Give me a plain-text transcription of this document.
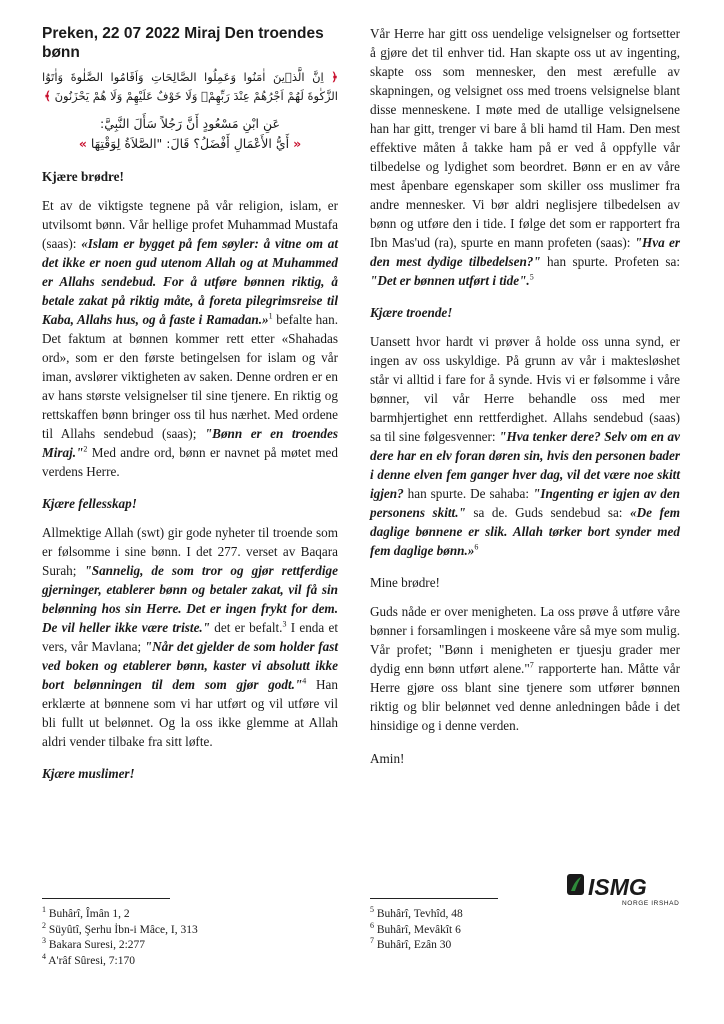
Preken, 22 07 2022 Miraj Den troendes bønn
﴿ اِنَّ الَّذ۪ينَ اٰمَنُوا وَعَمِلُوا الصَّالِحَاتِ وَاَقَامُوا الصَّلٰوةَ وَاٰتَوُا الزَّكٰوةَ لَهُمْ اَجْرُهُمْ عِنْدَ رَبِّهِمْۚ وَلَا خَوْفٌ عَلَيْهِمْ وَلَا هُمْ يَحْزَنُونَ ﴾
عَنِ ابْنِ مَسْعُودٍ أَنَّ رَجُلاً سَأَلَ النَّبِيَّ:
« أَيُّ الأَعْمَالِ أَفْضَلُ؟ قَالَ: "الصَّلاَةُ لِوَقْتِهَا »
Kjære brødre!

Et av de viktigste tegnene på vår religion, islam, er utvilsomt bønn. Vår hellige profet Muhammad Mustafa (saas): «Islam er bygget på fem søyler: å vitne om at det ikke er noen gud utenom Allah og at Muhammed er Allahs sendebud. For å utføre bønnen riktig, å betale zakat på riktig måte, å foreta pilegrimsreise til Kaba, Allahs hus, og å faste i Ramadan.»$^1$ befalte han. Det faktum at bønnen kommer rett etter «Shahadas ord», som er den første betingelsen for islam og vår iman, avslører viktigheten av saken. Denne ordren er en av hans største velsignelser til sine tjenere. En riktig og rettskaffen bønn bringer oss til hus nærhet. Med ordene til Allahs sendebud (saas); "Bønn er en troendes Miraj."$^2$ Med andre ord, bønn er navnet på møtet med verdens Herre.

Kjære fellesskap!

Allmektige Allah (swt) gir gode nyheter til troende som er følsomme i sine bønn. I det 277. verset av Baqara Surah; "Sannelig, de som tror og gjør rettferdige gjerninger, etablerer bønn og betaler zakat, vil få sin belønning hos sin Herre. Det er ingen frykt for dem. De vil heller ikke være triste." det er befalt.$^3$ I enda et vers, vår Mavlana; "Når det gjelder de som holder fast ved boken og etablerer bønn, kaster vi absolutt ikke bort belønningen til dem som gjør godt."$^4$ Han erklærte at bønnene som vi har utført og vil utføre vil bli fullt ut belønnet. Og la oss ikke glemme at Allah aldri vender tilbake fra sitt løfte.

Kjære muslimer!

Vår Herre har gitt oss uendelige velsignelser og fortsetter å gjøre det til enhver tid. Han skapte oss ut av ingenting, skapte oss som mennesker, den mest ærefulle av skapningen, og velsignet oss med troens velsignelse blant disse menneskene. I møte med de utallige velsignelsene han har gitt, trenger vi bare å bli hamd til Ham. Den mest effektive måten å takke ham på er ved å oppfylle vår tilbedelse og lydighet som beordret. Bønn er en av våre mest åpenbare egenskaper som skiller oss muslimer fra andre mennesker. Vi bør aldri neglisjere tilbedelsen av bønn og utføre den i tide. I følge det som er rapportert fra Ibn Mas'ud (ra), spurte en mann profeten (saas): "Hva er den mest dydige tilbedelsen?" han spurte. Profeten sa: "Det er bønnen utført i tide".$^5$

Kjære troende!

Uansett hvor hardt vi prøver å holde oss unna synd, er ingen av oss uskyldige. På grunn av vår i maktesløshet står vi alltid i fare for å synde. Hvis vi er følsomme i våre bønner, vil vår Herre behandle oss med mer barmhjertighet enn rettferdighet. Allahs sendebud (saas) sa til sine følgesvenner: "Hva tenker dere? Selv om en av dere har en elv foran døren sin, hvis den personen bader i denne elven fem ganger hver dag, vil det være noe skitt igjen? han spurte. De sahaba: "Ingenting er igjen av den personens skitt." sa de. Guds sendebud sa: «De fem daglige bønnene er slik. Allah tørker bort synder med fem daglige bønn.»$^6$

Mine brødre!

Guds nåde er over menigheten. La oss prøve å utføre våre bønner i forsamlingen i moskeene våre så mye som mulig. Vår profet; "Bønn i menigheten er tjuesju grader mer dydig enn bønn utført alene."$^7$ rapporterte han. Måtte vår Herre gjøre oss blant sine tjenere som utfører bønnen riktig og blir belønnet ved denne anledningen både i det hinsidige og i denne verden.

Amin!
ISMG
NORGE IRSHAD
$^1$ Buhârî, Îmân 1, 2
$^2$ Süyûtî, Şerhu İbn-i Mâce, I, 313
$^3$ Bakara Suresi, 2:277
$^4$ A'râf Sûresi, 7:170
$^5$ Buhârî, Tevhîd, 48
$^6$ Buhârî, Mevâkît 6
$^7$ Buhârî, Ezân 30
